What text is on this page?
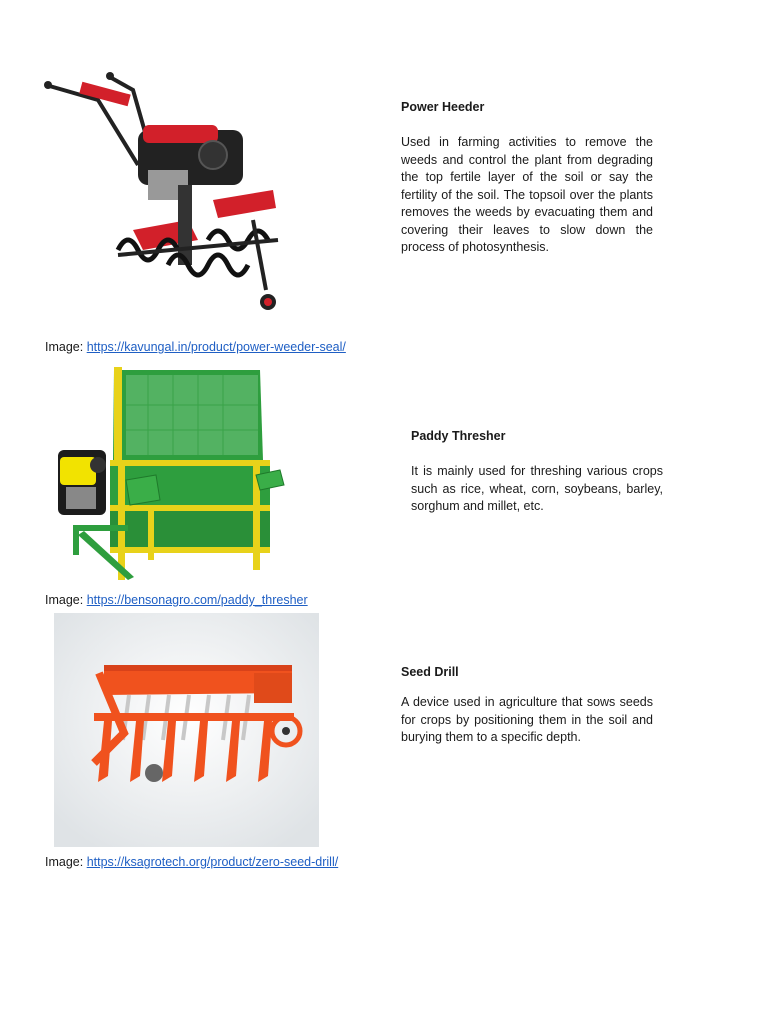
Power Heeder

Used in farming activities to remove the weeds and control the plant from degrading the top fertile layer of the soil or say the fertility of the soil. The topsoil over the plants removes the weeds by evacuating them and covering their leaves to slow down the process of photosynthesis.

Image: https://kavungal.in/product/power-weeder-seal/
Paddy Thresher

It is mainly used for threshing various crops such as rice, wheat, corn, soybeans, barley, sorghum and millet, etc.

Image: https://bensonagro.com/paddy_thresher
Seed Drill

A device used in agriculture that sows seeds for crops by positioning them in the soil and burying them to a specific depth.

Image: https://ksagrotech.org/product/zero-seed-drill/
